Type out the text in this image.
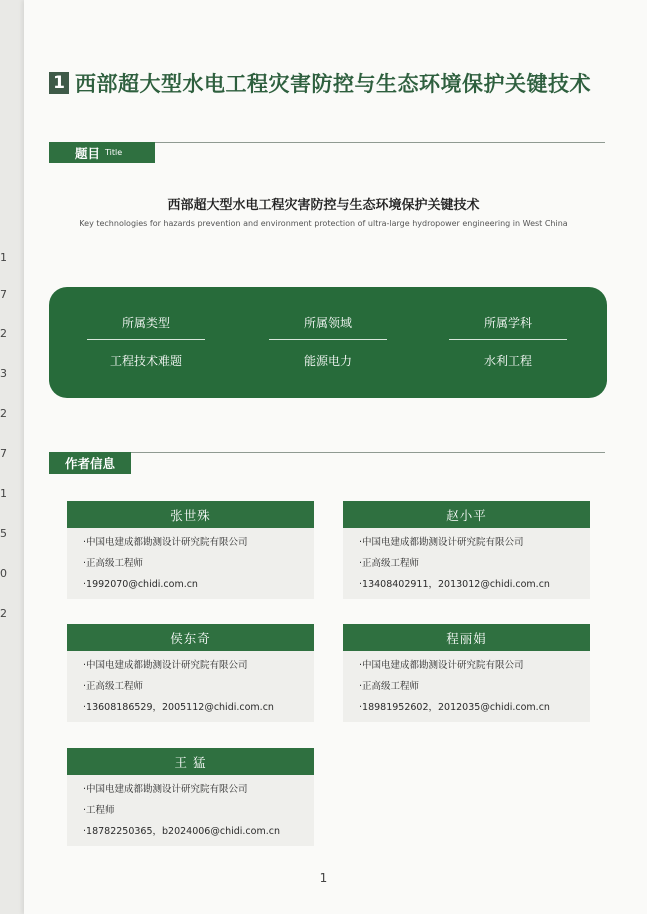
1
7
2
3
2
7
1
5
0
2
1 西部超大型水电工程灾害防控与生态环境保护关键技术
题目 Title
西部超大型水电工程灾害防控与生态环境保护关键技术
Key technologies for hazards prevention and environment protection of ultra-large hydropower engineering in West China
所属类型
工程技术难题
所属领域
能源电力
所属学科
水利工程
作者信息
张世殊
·中国电建成都勘测设计研究院有限公司
·正高级工程师
·1992070@chidi.com.cn
赵小平
·中国电建成都勘测设计研究院有限公司
·正高级工程师
·13408402911，2013012@chidi.com.cn
侯东奇
·中国电建成都勘测设计研究院有限公司
·正高级工程师
·13608186529，2005112@chidi.com.cn
程丽娟
·中国电建成都勘测设计研究院有限公司
·正高级工程师
·18981952602，2012035@chidi.com.cn
王 猛
·中国电建成都勘测设计研究院有限公司
·工程师
·18782250365，b2024006@chidi.com.cn
1
